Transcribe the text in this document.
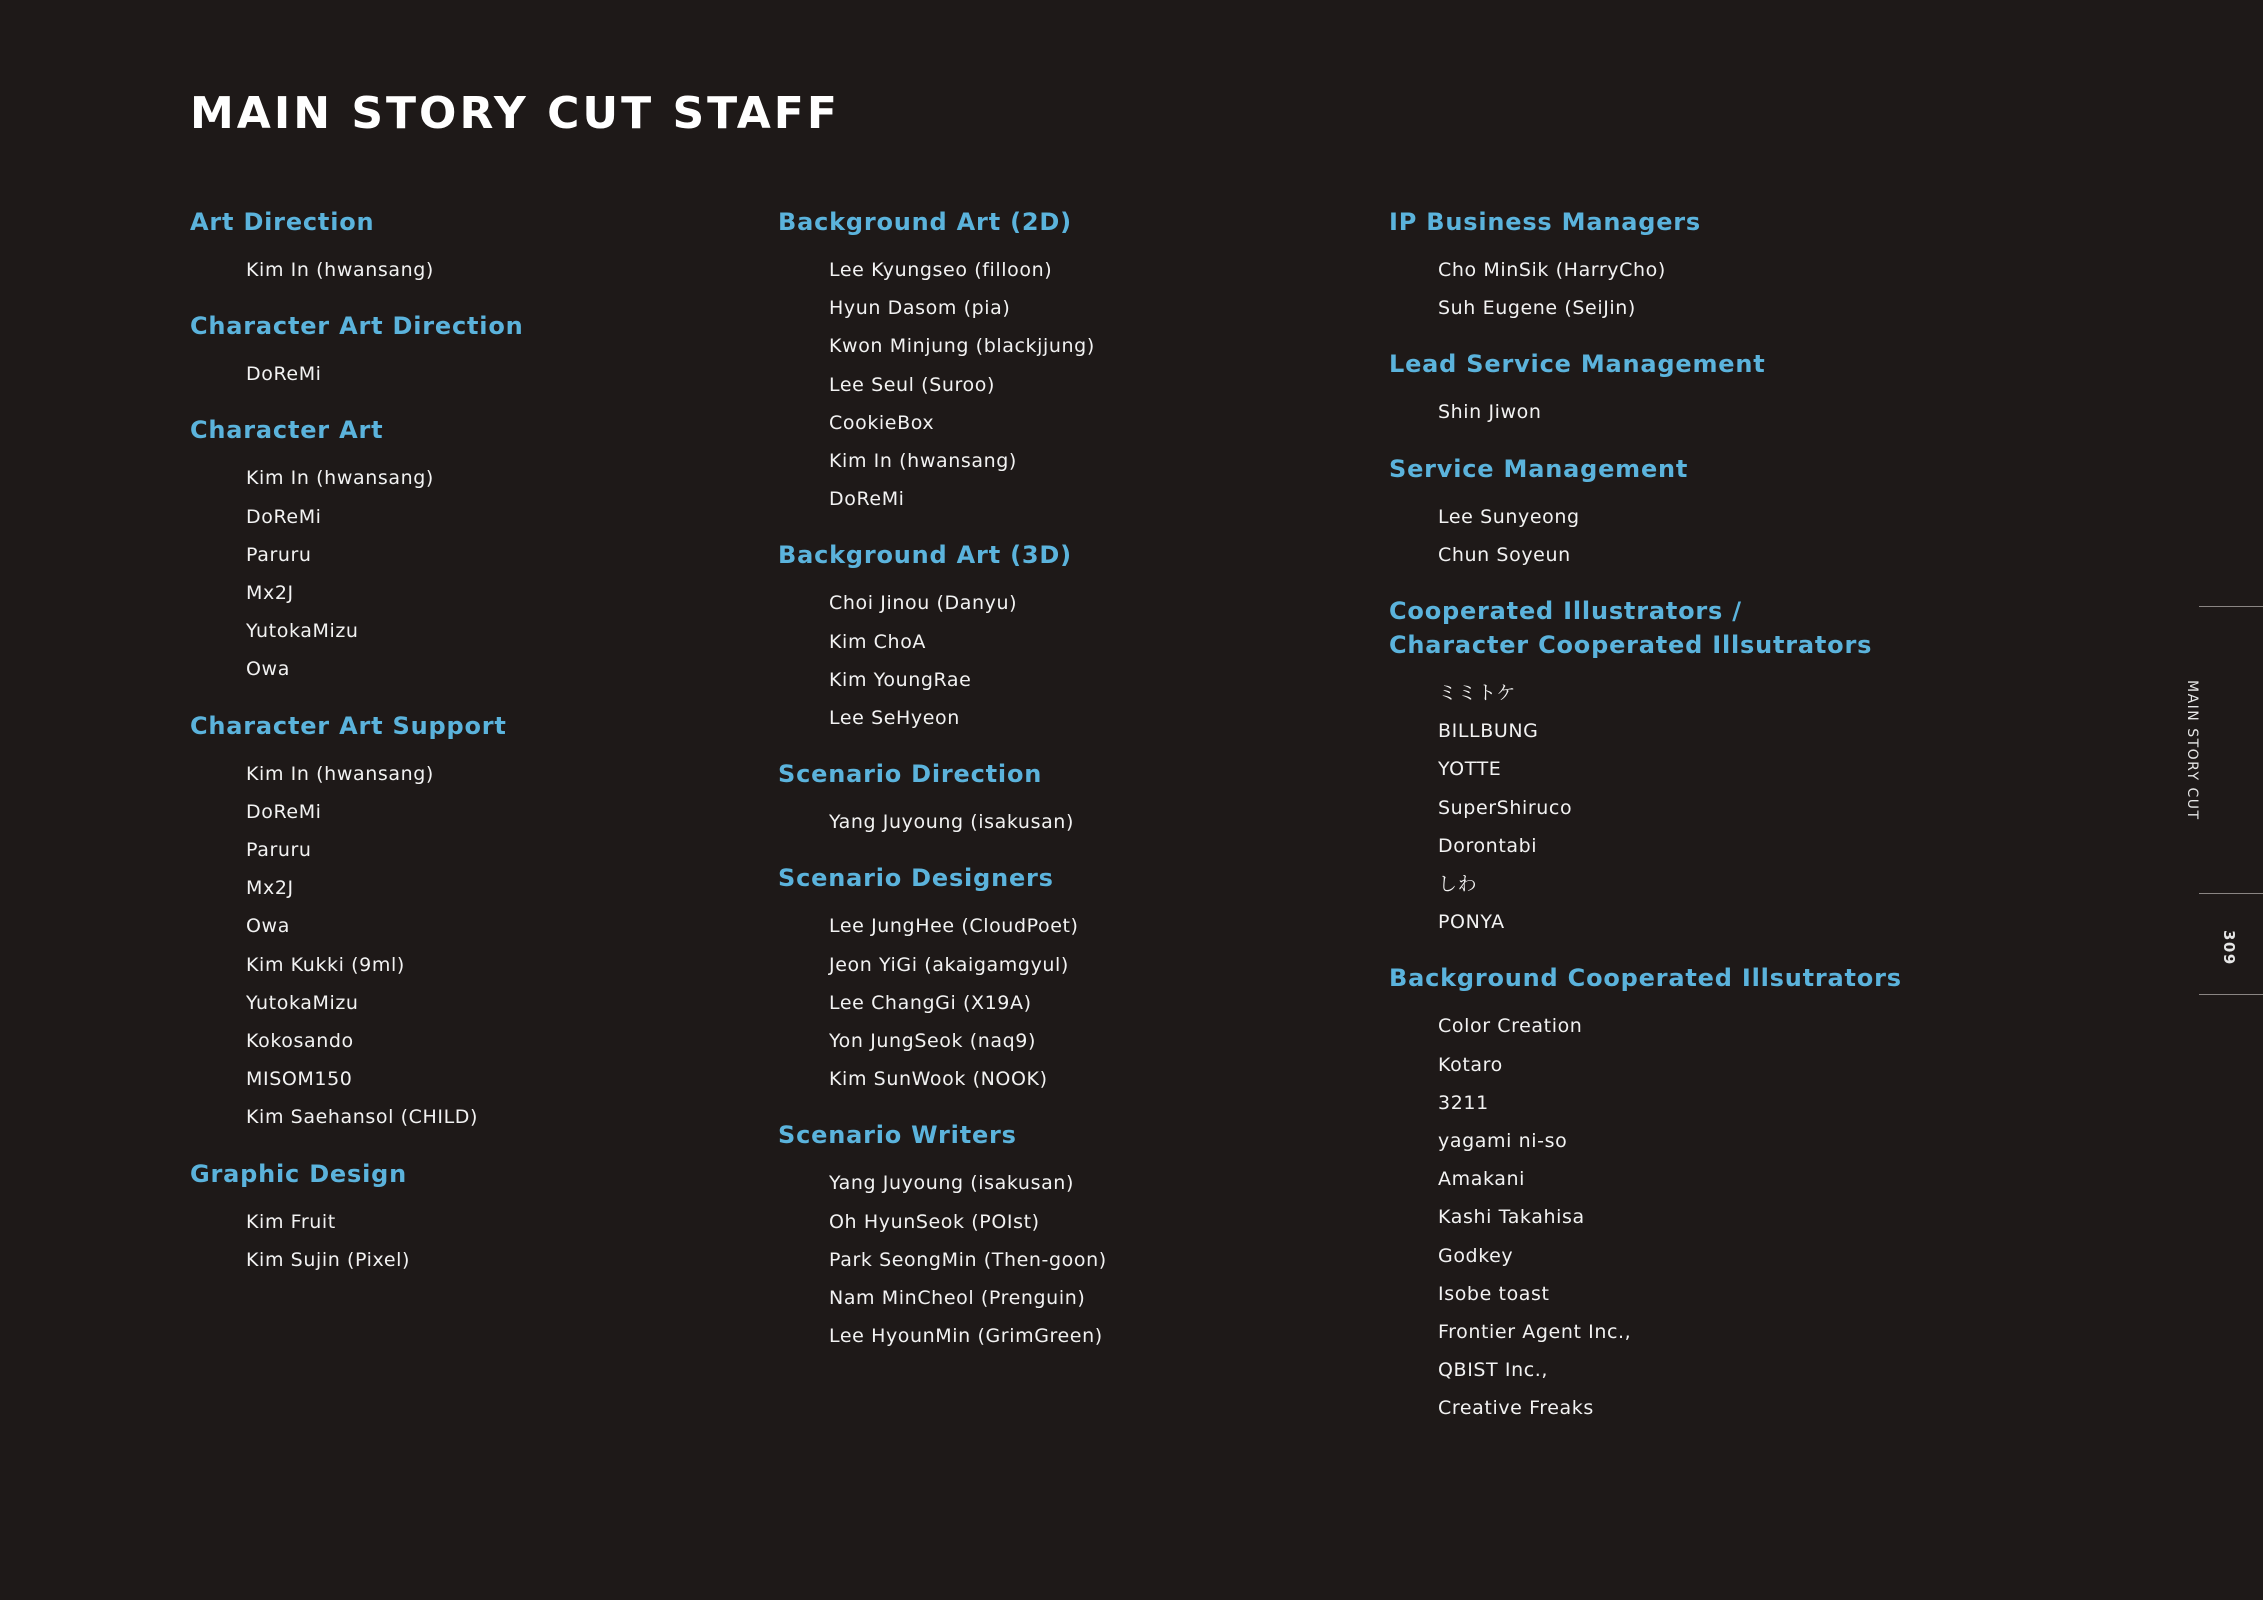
MAIN STORY CUT STAFF
Art Direction
Kim In (hwansang)
Character Art Direction
DoReMi
Character Art
Kim In (hwansang)
DoReMi
Paruru
Mx2J
YutokaMizu
Owa
Character Art Support
Kim In (hwansang)
DoReMi
Paruru
Mx2J
Owa
Kim Kukki (9ml)
YutokaMizu
Kokosando
MISOM150
Kim Saehansol (CHILD)
Graphic Design
Kim Fruit
Kim Sujin (Pixel)
Background Art (2D)
Lee Kyungseo (filloon)
Hyun Dasom (pia)
Kwon Minjung (blackjjung)
Lee Seul (Suroo)
CookieBox
Kim In (hwansang)
DoReMi
Background Art (3D)
Choi Jinou (Danyu)
Kim ChoA
Kim YoungRae
Lee SeHyeon
Scenario Direction
Yang Juyoung (isakusan)
Scenario Designers
Lee JungHee (CloudPoet)
Jeon YiGi (akaigamgyul)
Lee ChangGi (X19A)
Yon JungSeok (naq9)
Kim SunWook (NOOK)
Scenario Writers
Yang Juyoung (isakusan)
Oh HyunSeok (POIst)
Park SeongMin (Then-goon)
Nam MinCheol (Prenguin)
Lee HyounMin (GrimGreen)
IP Business Managers
Cho MinSik (HarryCho)
Suh Eugene (SeiJin)
Lead Service Management
Shin Jiwon
Service Management
Lee Sunyeong
Chun Soyeun
Cooperated Illustrators /
Character Cooperated Illsutrators
ミミトケ
BILLBUNG
YOTTE
SuperShiruco
Dorontabi
しわ
PONYA
Background Cooperated Illsutrators
Color Creation
Kotaro
3211
yagami ni-so
Amakani
Kashi Takahisa
Godkey
Isobe toast
Frontier Agent Inc.,
QBIST Inc.,
Creative Freaks
MAIN STORY CUT
309
